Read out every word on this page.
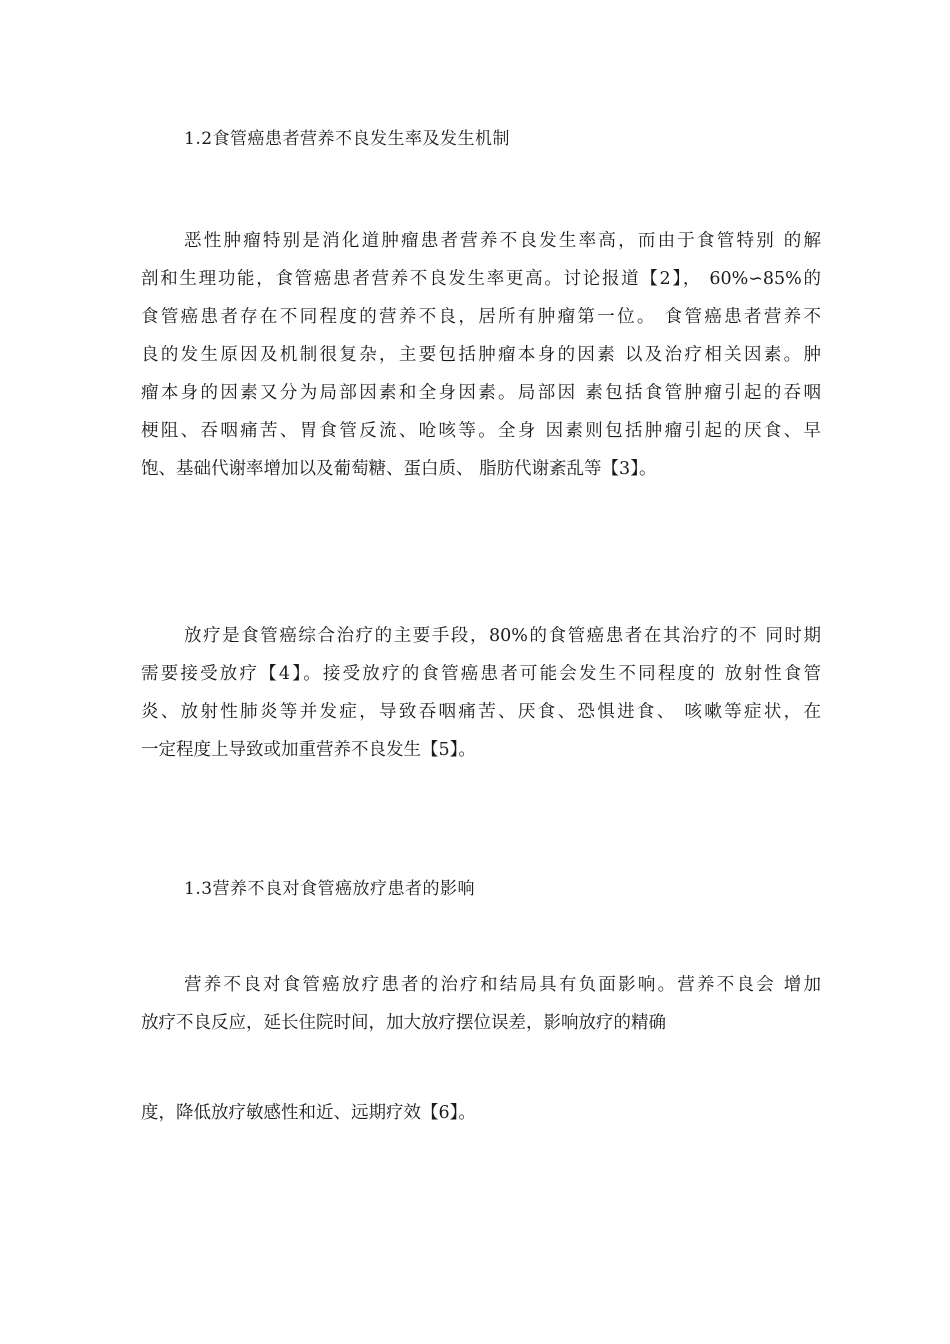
1.2食管癌患者营养不良发生率及发生机制
恶性肿瘤特别是消化道肿瘤患者营养不良发生率高，而由于食管特别 的解
剖和生理功能，食管癌患者营养不良发生率更高。讨论报道【2】， 60%∽85%的
食管癌患者存在不同程度的营养不良，居所有肿瘤第一位。 食管癌患者营养不
良的发生原因及机制很复杂，主要包括肿瘤本身的因素 以及治疗相关因素。肿
瘤本身的因素又分为局部因素和全身因素。局部因 素包括食管肿瘤引起的吞咽
梗阻、吞咽痛苦、胃食管反流、呛咳等。全身 因素则包括肿瘤引起的厌食、早
饱、基础代谢率增加以及葡萄糖、蛋白质、 脂肪代谢紊乱等【3】。
放疗是食管癌综合治疗的主要手段，80%的食管癌患者在其治疗的不 同时期
需要接受放疗【4】。接受放疗的食管癌患者可能会发生不同程度的 放射性食管
炎、放射性肺炎等并发症，导致吞咽痛苦、厌食、恐惧进食、 咳嗽等症状，在
一定程度上导致或加重营养不良发生【5】。
1.3营养不良对食管癌放疗患者的影响
营养不良对食管癌放疗患者的治疗和结局具有负面影响。营养不良会 增加
放疗不良反应，延长住院时间，加大放疗摆位误差，影响放疗的精确
度，降低放疗敏感性和近、远期疗效【6】。
